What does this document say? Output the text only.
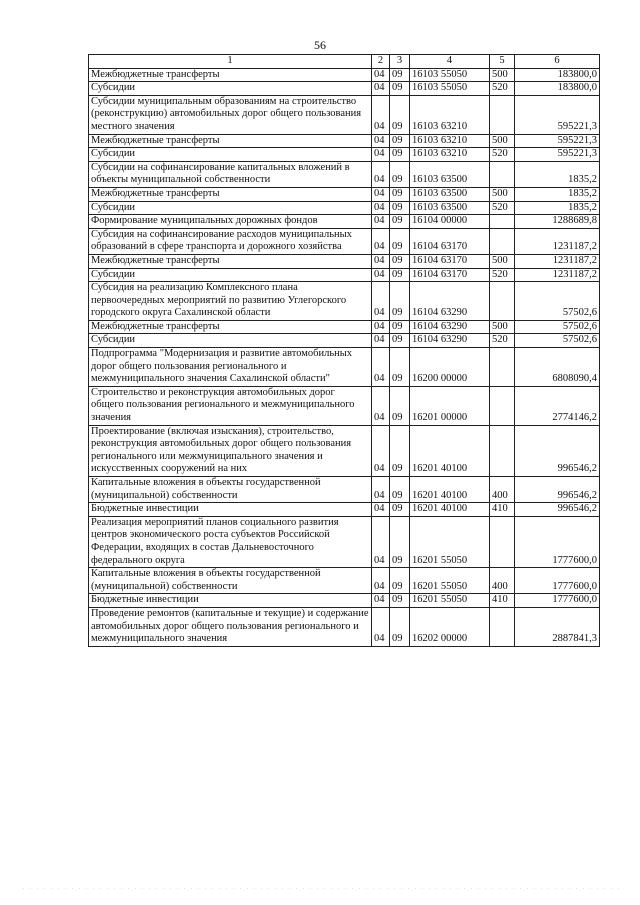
56
1	2	3	4	5	6
Межбюджетные трансферты	04	09	16103 55050	500	183800,0
Субсидии	04	09	16103 55050	520	183800,0
Субсидии муниципальным образованиям на строительство (реконструкцию) автомобильных дорог общего пользования местного значения	04	09	16103 63210		595221,3
Межбюджетные трансферты	04	09	16103 63210	500	595221,3
Субсидии	04	09	16103 63210	520	595221,3
Субсидии на софинансирование капитальных вложений в объекты муниципальной собственности	04	09	16103 63500		1835,2
Межбюджетные трансферты	04	09	16103 63500	500	1835,2
Субсидии	04	09	16103 63500	520	1835,2
Формирование муниципальных дорожных фондов	04	09	16104 00000		1288689,8
Субсидия на софинансирование расходов муниципальных образований в сфере транспорта и дорожного хозяйства	04	09	16104 63170		1231187,2
Межбюджетные трансферты	04	09	16104 63170	500	1231187,2
Субсидии	04	09	16104 63170	520	1231187,2
Субсидия на реализацию Комплексного плана первоочередных мероприятий по развитию Углегорского городского округа Сахалинской области	04	09	16104 63290		57502,6
Межбюджетные трансферты	04	09	16104 63290	500	57502,6
Субсидии	04	09	16104 63290	520	57502,6
Подпрограмма "Модернизация и развитие автомобильных дорог общего пользования регионального и межмуниципального значения Сахалинской области"	04	09	16200 00000		6808090,4
Строительство и реконструкция автомобильных дорог общего пользования регионального и межмуниципального значения	04	09	16201 00000		2774146,2
Проектирование (включая изыскания), строительство, реконструкция автомобильных дорог общего пользования регионального или межмуниципального значения и искусственных сооружений на них	04	09	16201 40100		996546,2
Капитальные вложения в объекты государственной (муниципальной) собственности	04	09	16201 40100	400	996546,2
Бюджетные инвестиции	04	09	16201 40100	410	996546,2
Реализация мероприятий планов социального развития центров экономического роста субъектов Российской Федерации, входящих в состав Дальневосточного федерального округа	04	09	16201 55050		1777600,0
Капитальные вложения в объекты государственной (муниципальной) собственности	04	09	16201 55050	400	1777600,0
Бюджетные инвестиции	04	09	16201 55050	410	1777600,0
Проведение ремонтов (капитальные и текущие) и содержание автомобильных дорог общего пользования регионального и межмуниципального значения	04	09	16202 00000		2887841,3
